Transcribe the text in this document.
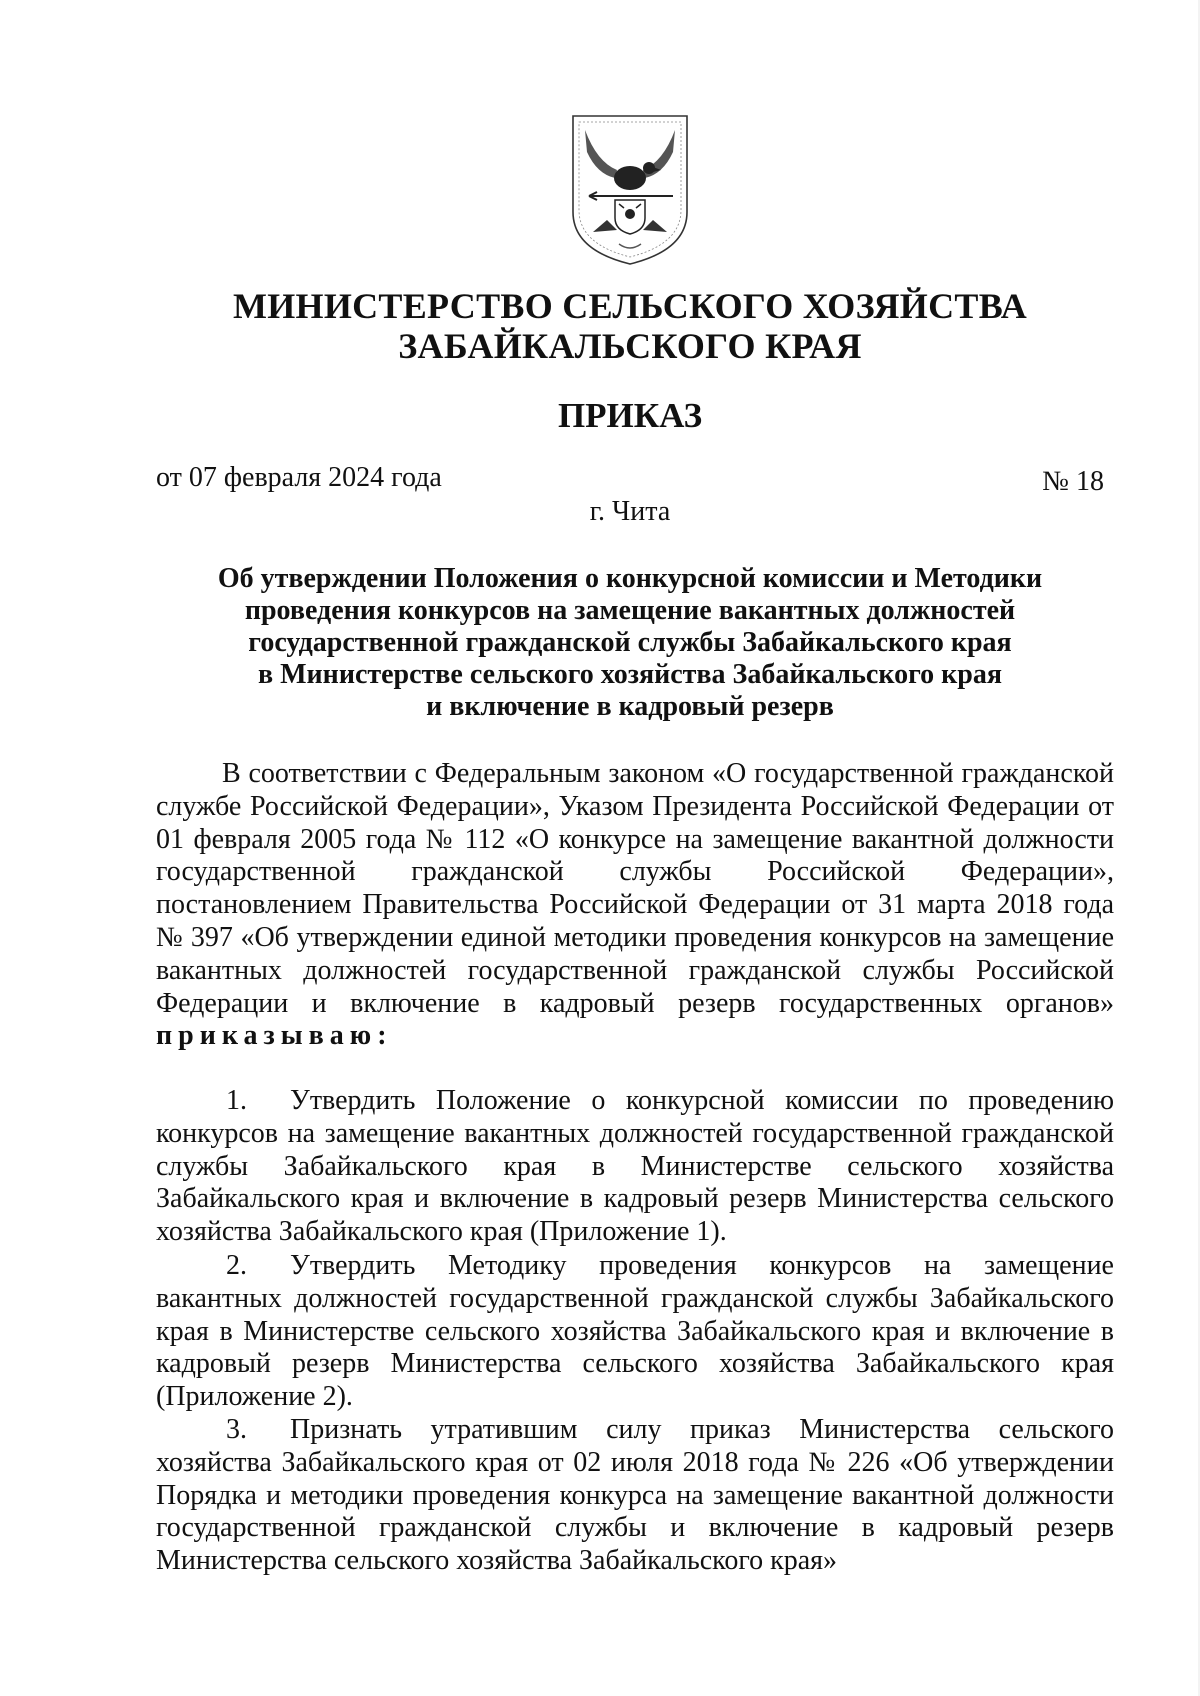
МИНИСТЕРСТВО СЕЛЬСКОГО ХОЗЯЙСТВА
ЗАБАЙКАЛЬСКОГО КРАЯ
ПРИКАЗ
от 07 февраля 2024 года	№ 18
г. Чита
Об утверждении Положения о конкурсной комиссии и Методики
проведения конкурсов на замещение вакантных должностей
государственной гражданской службы Забайкальского края
в Министерстве сельского хозяйства Забайкальского края
и включение в кадровый резерв
В соответствии с Федеральным законом «О государственной гражданской службе Российской Федерации», Указом Президента Российской Федерации от 01 февраля 2005 года № 112 «О конкурсе на замещение вакантной должности государственной гражданской службы Российской Федерации», постановлением Правительства Российской Федерации от 31 марта 2018 года № 397 «Об утверждении единой методики проведения конкурсов на замещение вакантных должностей государственной гражданской службы Российской Федерации и включение в кадровый резерв государственных органов» приказываю:
1. Утвердить Положение о конкурсной комиссии по проведению конкурсов на замещение вакантных должностей государственной гражданской службы Забайкальского края в Министерстве сельского хозяйства Забайкальского края и включение в кадровый резерв Министерства сельского хозяйства Забайкальского края (Приложение 1).
2. Утвердить Методику проведения конкурсов на замещение вакантных должностей государственной гражданской службы Забайкальского края в Министерстве сельского хозяйства Забайкальского края и включение в кадровый резерв Министерства сельского хозяйства Забайкальского края (Приложение 2).
3. Признать утратившим силу приказ Министерства сельского хозяйства Забайкальского края от 02 июля 2018 года № 226 «Об утверждении Порядка и методики проведения конкурса на замещение вакантной должности государственной гражданской службы и включение в кадровый резерв Министерства сельского хозяйства Забайкальского края»
